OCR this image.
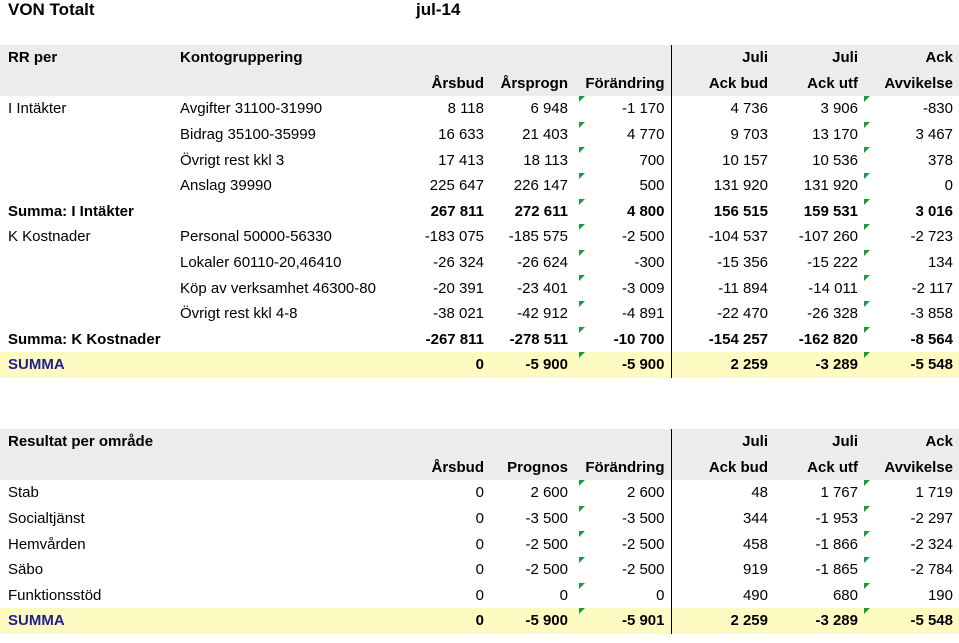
VON Totalt	jul-14
RR per	Kontogruppering					Juli	Juli	Ack
		Årsbud	Årsprogn		Förändring	Ack bud	Ack utf	Avvikelse
I Intäkter	Avgifter 31100-31990	8 118	6 948		-1 170	4 736	3 906	-830
	Bidrag 35100-35999	16 633	21 403		4 770	9 703	13 170	3 467
	Övrigt rest kkl 3	17 413	18 113		700	10 157	10 536	378
	Anslag 39990	225 647	226 147		500	131 920	131 920	0
Summa: I Intäkter		267 811	272 611		4 800	156 515	159 531	3 016
K Kostnader	Personal 50000-56330	-183 075	-185 575		-2 500	-104 537	-107 260	-2 723
	Lokaler 60110-20,46410	-26 324	-26 624		-300	-15 356	-15 222	134
	Köp av verksamhet 46300-80	-20 391	-23 401		-3 009	-11 894	-14 011	-2 117
	Övrigt rest kkl 4-8	-38 021	-42 912		-4 891	-22 470	-26 328	-3 858
Summa: K Kostnader		-267 811	-278 511		-10 700	-154 257	-162 820	-8 564
SUMMA		0	-5 900		-5 900	2 259	-3 289	-5 548
Resultat per område					Juli	Juli	Ack
	Årsbud	Prognos		Förändring	Ack bud	Ack utf	Avvikelse
Stab	0	2 600		2 600	48	1 767	1 719
Socialtjänst	0	-3 500		-3 500	344	-1 953	-2 297
Hemvården	0	-2 500		-2 500	458	-1 866	-2 324
Säbo	0	-2 500		-2 500	919	-1 865	-2 784
Funktionsstöd	0	0		0	490	680	190
SUMMA	0	-5 900		-5 901	2 259	-3 289	-5 548
